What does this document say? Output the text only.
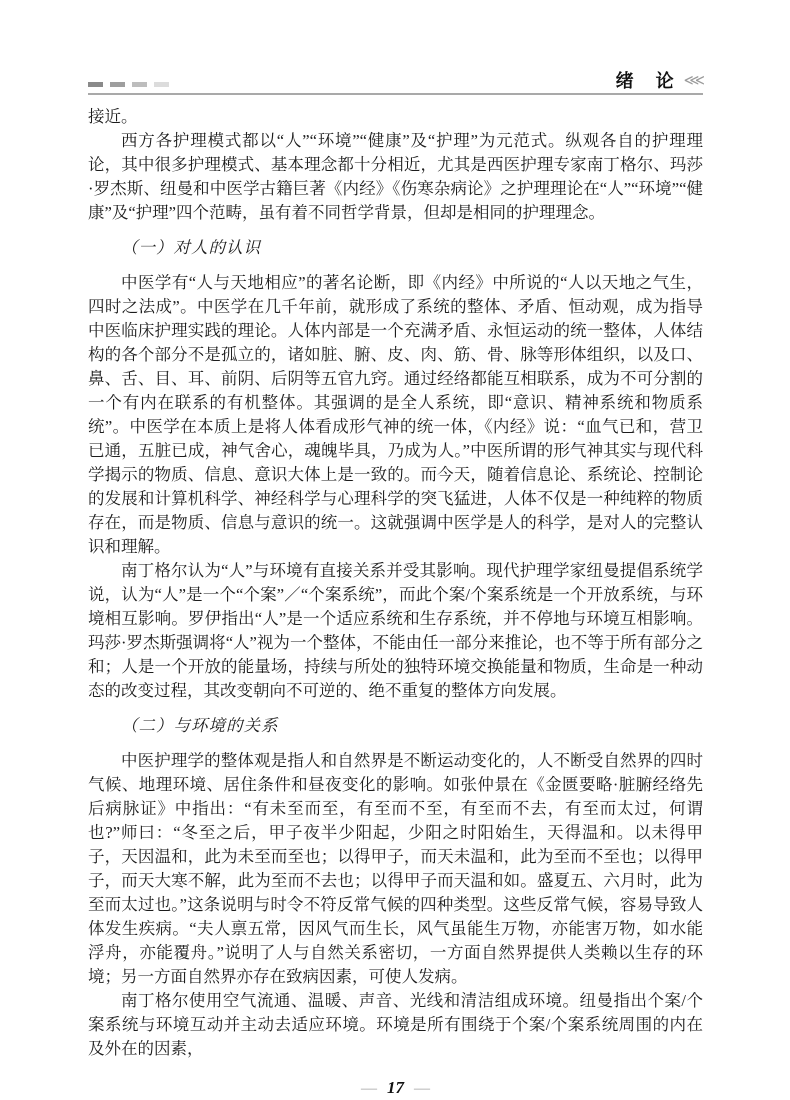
绪　论 ⋘

接近。

西方各护理模式都以“人”“环境”“健康”及“护理”为元范式。纵观各自的护理理论，其中很多护理模式、基本理念都十分相近，尤其是西医护理专家南丁格尔、玛莎·罗杰斯、纽曼和中医学古籍巨著《内经》《伤寒杂病论》之护理理论在“人”“环境”“健康”及“护理”四个范畴，虽有着不同哲学背景，但却是相同的护理理念。

（一）对人的认识

中医学有“人与天地相应”的著名论断，即《内经》中所说的“人以天地之气生，四时之法成”。中医学在几千年前，就形成了系统的整体、矛盾、恒动观，成为指导中医临床护理实践的理论。人体内部是一个充满矛盾、永恒运动的统一整体，人体结构的各个部分不是孤立的，诸如脏、腑、皮、肉、筋、骨、脉等形体组织，以及口、鼻、舌、目、耳、前阴、后阴等五官九窍。通过经络都能互相联系，成为不可分割的一个有内在联系的有机整体。其强调的是全人系统，即“意识、精神系统和物质系统”。中医学在本质上是将人体看成形气神的统一体，《内经》说：“血气已和，营卫已通，五脏已成，神气舍心，魂魄毕具，乃成为人。”中医所谓的形气神其实与现代科学揭示的物质、信息、意识大体上是一致的。而今天，随着信息论、系统论、控制论的发展和计算机科学、神经科学与心理科学的突飞猛进，人体不仅是一种纯粹的物质存在，而是物质、信息与意识的统一。这就强调中医学是人的科学，是对人的完整认识和理解。

南丁格尔认为“人”与环境有直接关系并受其影响。现代护理学家纽曼提倡系统学说，认为“人”是一个“个案”／“个案系统”，而此个案/个案系统是一个开放系统，与环境相互影响。罗伊指出“人”是一个适应系统和生存系统，并不停地与环境互相影响。玛莎·罗杰斯强调将“人”视为一个整体，不能由任一部分来推论，也不等于所有部分之和；人是一个开放的能量场，持续与所处的独特环境交换能量和物质，生命是一种动态的改变过程，其改变朝向不可逆的、绝不重复的整体方向发展。

（二）与环境的关系

中医护理学的整体观是指人和自然界是不断运动变化的，人不断受自然界的四时气候、地理环境、居住条件和昼夜变化的影响。如张仲景在《金匮要略·脏腑经络先后病脉证》中指出：“有未至而至，有至而不至，有至而不去，有至而太过，何谓也?”师曰：“冬至之后，甲子夜半少阳起，少阳之时阳始生，天得温和。以未得甲子，天因温和，此为未至而至也；以得甲子，而天未温和，此为至而不至也；以得甲子，而天大寒不解，此为至而不去也；以得甲子而天温和如。盛夏五、六月时，此为至而太过也。”这条说明与时令不符反常气候的四种类型。这些反常气候，容易导致人体发生疾病。“夫人禀五常，因风气而生长，风气虽能生万物，亦能害万物，如水能浮舟，亦能覆舟。”说明了人与自然关系密切，一方面自然界提供人类赖以生存的环境；另一方面自然界亦存在致病因素，可使人发病。

南丁格尔使用空气流通、温暖、声音、光线和清洁组成环境。纽曼指出个案/个案系统与环境互动并主动去适应环境。环境是所有围绕于个案/个案系统周围的内在及外在的因素，

— 17 —
